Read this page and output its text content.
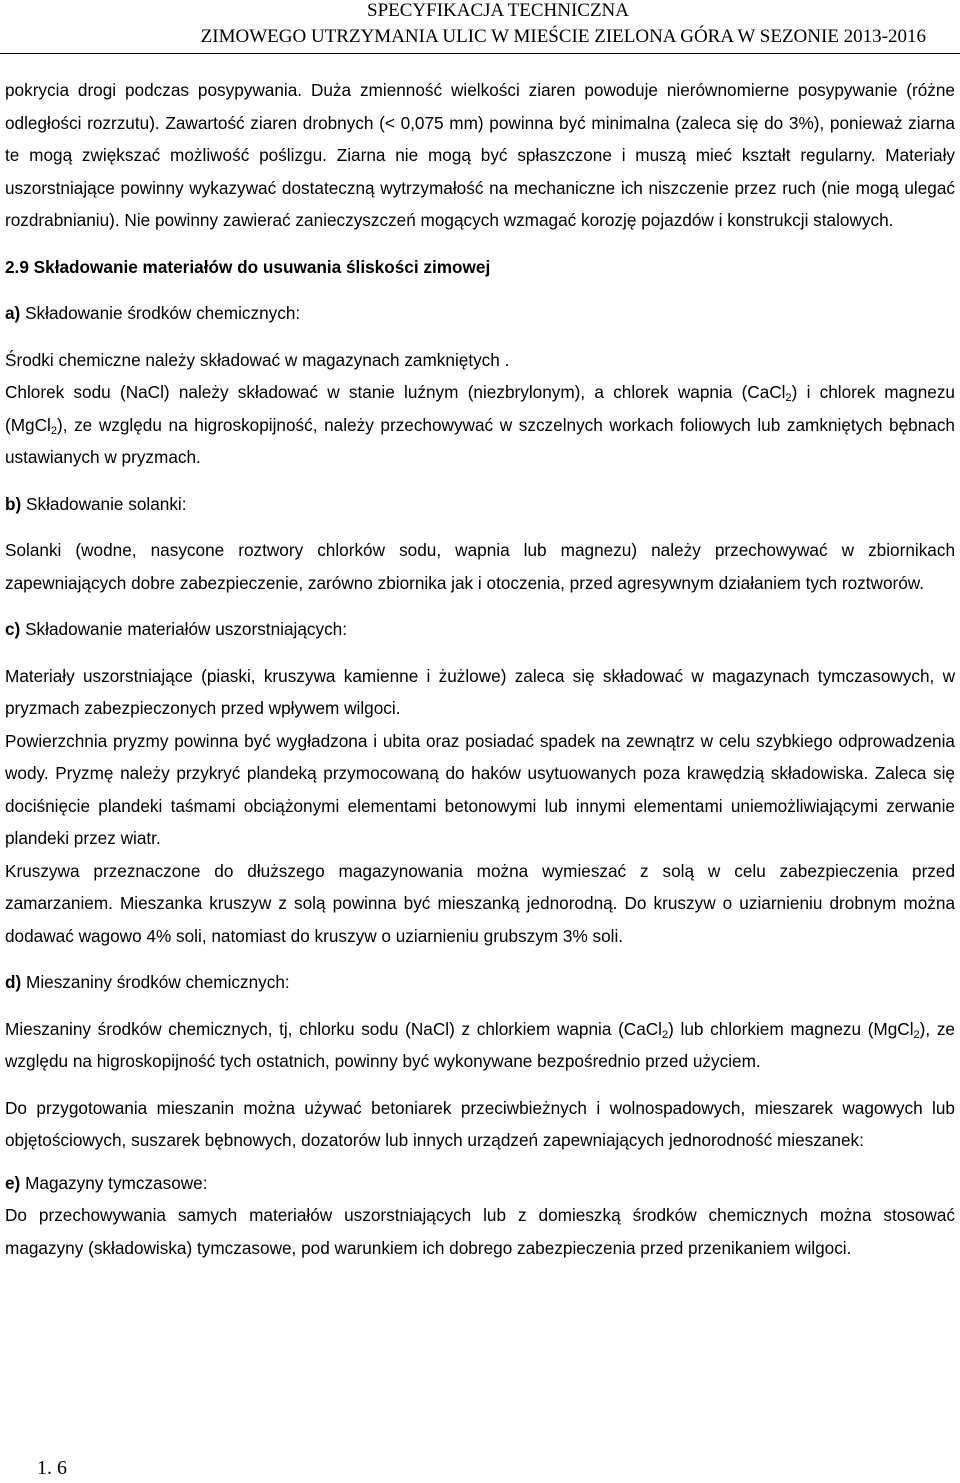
SPECYFIKACJA TECHNICZNA
ZIMOWEGO UTRZYMANIA ULIC W MIEŚCIE ZIELONA GÓRA W SEZONIE 2013-2016

pokrycia drogi podczas posypywania. Duża zmienność wielkości ziaren powoduje nierównomierne posypywanie (różne odległości rozrzutu). Zawartość ziaren drobnych (< 0,075 mm) powinna być minimalna (zaleca się do 3%), ponieważ ziarna te mogą zwiększać możliwość poślizgu. Ziarna nie mogą być spłaszczone i muszą mieć kształt regularny. Materiały uszorstniające powinny wykazywać dostateczną wytrzymałość na mechaniczne ich niszczenie przez ruch (nie mogą ulegać rozdrabnianiu). Nie powinny zawierać zanieczyszczeń mogących wzmagać korozję pojazdów i konstrukcji stalowych.

2.9 Składowanie materiałów do usuwania śliskości zimowej

a) Składowanie środków chemicznych:

Środki chemiczne należy składować w magazynach zamkniętych .

Chlorek sodu (NaCl) należy składować w stanie luźnym (niezbrylonym), a chlorek wapnia (CaCl$_2$) i chlorek magnezu (MgCl$_2$), ze względu na higroskopijność, należy przechowywać w szczelnych workach foliowych lub zamkniętych bębnach ustawianych w pryzmach.

b) Składowanie solanki:

Solanki (wodne, nasycone roztwory chlorków sodu, wapnia lub magnezu) należy przechowywać w zbiornikach zapewniających dobre zabezpieczenie, zarówno zbiornika jak i otoczenia, przed agresywnym działaniem tych roztworów.

c) Składowanie materiałów uszorstniających:

Materiały uszorstniające (piaski, kruszywa kamienne i żużlowe) zaleca się składować w magazynach tymczasowych, w pryzmach zabezpieczonych przed wpływem wilgoci.

Powierzchnia pryzmy powinna być wygładzona i ubita oraz posiadać spadek na zewnątrz w celu szybkiego odprowadzenia wody. Pryzmę należy przykryć plandeką przymocowaną do haków usytuowanych poza krawędzią składowiska. Zaleca się dociśnięcie plandeki taśmami obciążonymi elementami betonowymi lub innymi elementami uniemożliwiającymi zerwanie plandeki przez wiatr.

Kruszywa przeznaczone do dłuższego magazynowania można wymieszać z solą w celu zabezpieczenia przed zamarzaniem. Mieszanka kruszyw z solą powinna być mieszanką jednorodną. Do kruszyw o uziarnieniu drobnym można dodawać wagowo 4% soli, natomiast do kruszyw o uziarnieniu grubszym 3% soli.

d) Mieszaniny środków chemicznych:

Mieszaniny środków chemicznych, tj, chlorku sodu (NaCl) z chlorkiem wapnia (CaCl$_2$) lub chlorkiem magnezu (MgCl$_2$), ze względu na higroskopijność tych ostatnich, powinny być wykonywane bezpośrednio przed użyciem.

Do przygotowania mieszanin można używać betoniarek przeciwbieżnych i wolnospadowych, mieszarek wagowych lub objętościowych, suszarek bębnowych, dozatorów lub innych urządzeń zapewniających jednorodność mieszanek:

e) Magazyny tymczasowe:

Do przechowywania samych materiałów uszorstniających lub z domieszką środków chemicznych można stosować magazyny (składowiska) tymczasowe, pod warunkiem ich dobrego zabezpieczenia przed przenikaniem wilgoci.

1. 6
